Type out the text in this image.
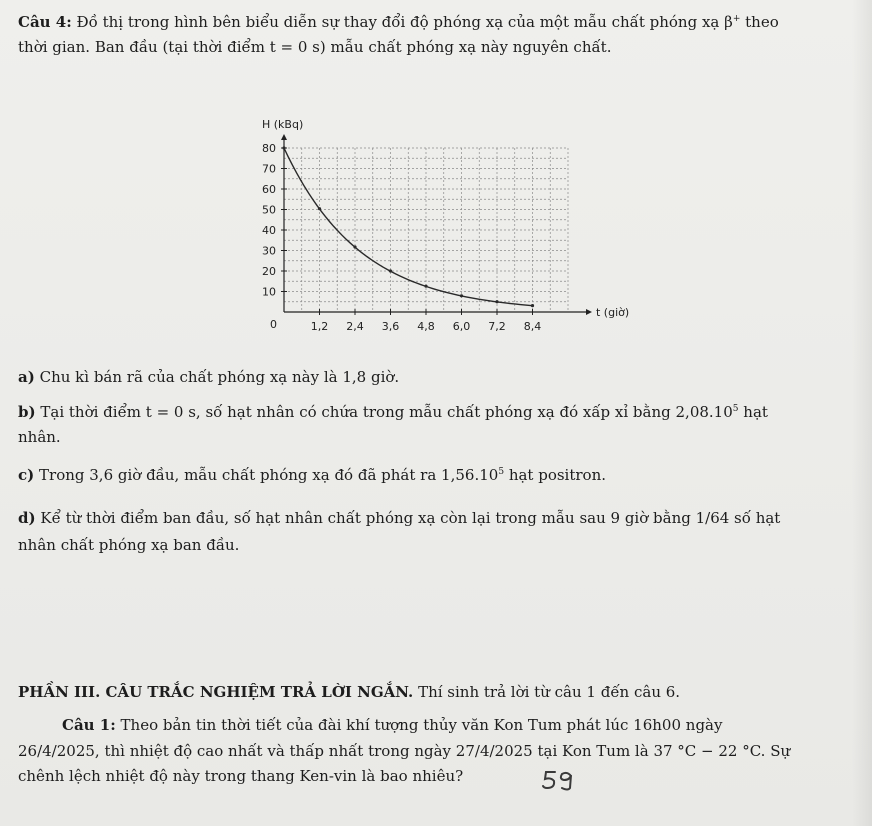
Câu 4: Đồ thị trong hình bên biểu diễn sự thay đổi độ phóng xạ của một mẫu chất phóng xạ β+ theo
thời gian. Ban đầu (tại thời điểm t = 0 s) mẫu chất phóng xạ này nguyên chất.
1,2 2,4 3,6 4,8 6,0 7,2 8,4
10
20
30
40
50
60
70
80
H (kBq)
t (giờ)
0
a) Chu kì bán rã của chất phóng xạ này là 1,8 giờ.
b) Tại thời điểm t = 0 s, số hạt nhân có chứa trong mẫu chất phóng xạ đó xấp xỉ bằng 2,08.10$^5$ hạt
nhân.
c) Trong 3,6 giờ đầu, mẫu chất phóng xạ đó đã phát ra 1,56.10$^5$ hạt positron.
d) Kể từ thời điểm ban đầu, số hạt nhân chất phóng xạ còn lại trong mẫu sau 9 giờ bằng 1/64 số hạt
nhân chất phóng xạ ban đầu.
PHẦN III. CÂU TRẮC NGHIỆM TRẢ LỜI NGẮN. Thí sinh trả lời từ câu 1 đến câu 6.
Câu 1: Theo bản tin thời tiết của đài khí tượng thủy văn Kon Tum phát lúc 16h00 ngày
26/4/2025, thì nhiệt độ cao nhất và thấp nhất trong ngày 27/4/2025 tại Kon Tum là 37 °C − 22 °C. Sự
chênh lệch nhiệt độ này trong thang Ken-vin là bao nhiêu?
